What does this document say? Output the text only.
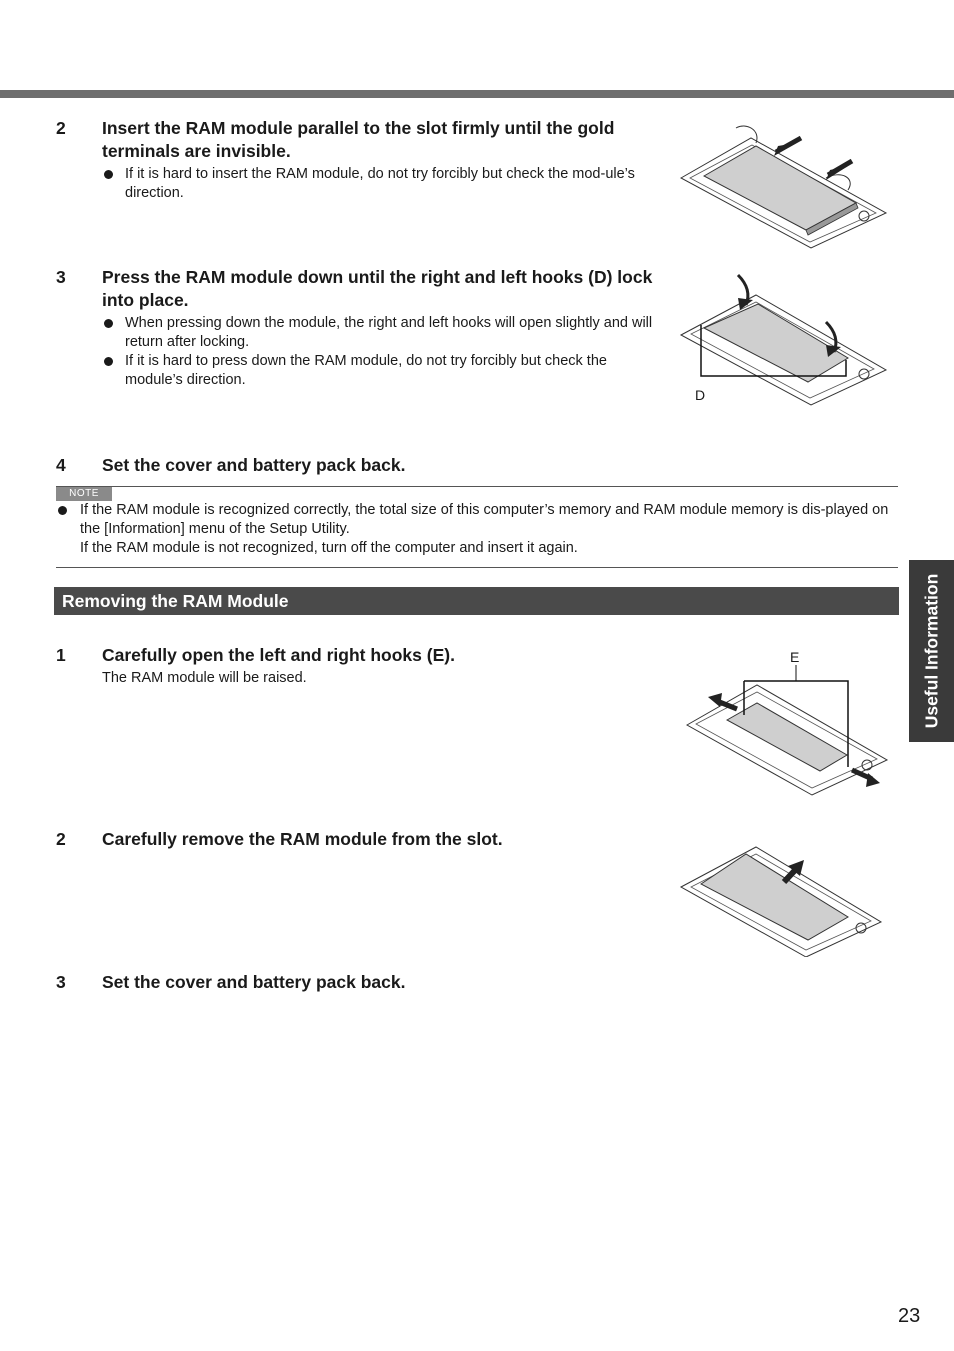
2 Insert the RAM module parallel to the slot firmly until the gold terminals are invisible.
If it is hard to insert the RAM module, do not try forcibly but check the mod-ule’s direction.
3 Press the RAM module down until the right and left hooks (D) lock into place.
When pressing down the module, the right and left hooks will open slightly and will return after locking.
If it is hard to press down the RAM module, do not try forcibly but check the module’s direction.
4 Set the cover and battery pack back.
NOTE
If the RAM module is recognized correctly, the total size of this computer’s memory and RAM module memory is dis-played on the [Information] menu of the Setup Utility.
If the RAM module is not recognized, turn off the computer and insert it again.
Removing the RAM Module
1 Carefully open the left and right hooks (E).
The RAM module will be raised.
2 Carefully remove the RAM module from the slot.
3 Set the cover and battery pack back.
D
E	Useful Information
23
